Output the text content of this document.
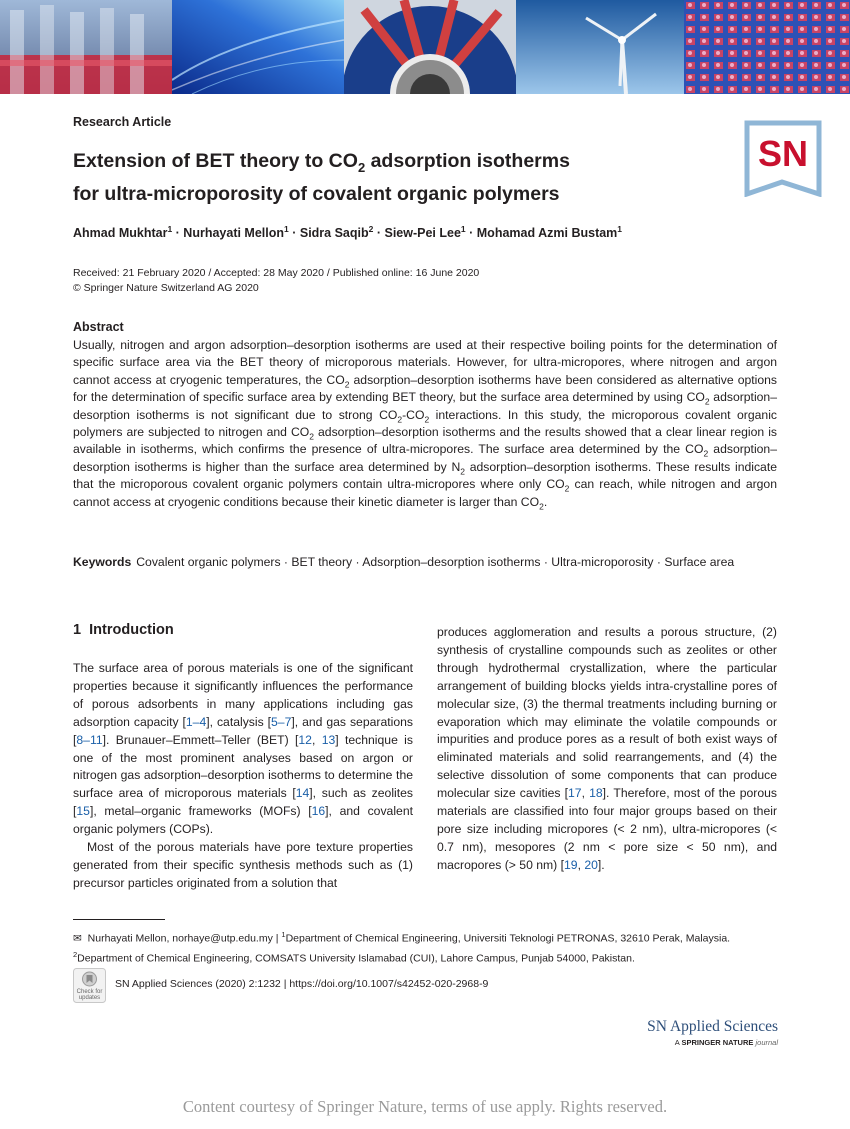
Research Article
SN
Extension of BET theory to $CO_2$ adsorption isotherms
for ultra-microporosity of covalent organic polymers
Ahmad Mukhtar$^1$ · Nurhayati Mellon$^1$ · Sidra Saqib$^2$ · Siew-Pei Lee$^1$ · Mohamad Azmi Bustam$^1$
Received: 21 February 2020 / Accepted: 28 May 2020 / Published online: 16 June 2020
© Springer Nature Switzerland AG 2020
Abstract
Usually, nitrogen and argon adsorption–desorption isotherms are used at their respective boiling points for the determination of specific surface area via the BET theory of microporous materials. However, for ultra-micropores, where nitrogen and argon cannot access at cryogenic temperatures, the $CO_2$ adsorption–desorption isotherms have been considered as alternative options for the determination of specific surface area by extending BET theory, but the surface area determined by using $CO_2$ adsorption–desorption isotherms is not significant due to strong $CO_2-CO_2$ interactions. In this study, the microporous covalent organic polymers are subjected to nitrogen and $CO_2$ adsorption–desorption isotherms and the results showed that a clear linear region is available in isotherms, which confirms the presence of ultra-micropores. The surface area determined by the $CO_2$ adsorption–desorption isotherms is higher than the surface area determined by $N_2$ adsorption–desorption isotherms. These results indicate that the microporous covalent organic polymers contain ultra-micropores where only $CO_2$ can reach, while nitrogen and argon cannot access at cryogenic conditions because their kinetic diameter is larger than $CO_2$.
Keywords Covalent organic polymers · BET theory · Adsorption–desorption isotherms · Ultra-microporosity · Surface area
1 Introduction

The surface area of porous materials is one of the significant properties because it significantly influences the performance of porous adsorbents in many applications including gas adsorption capacity [1–4], catalysis [5–7], and gas separations [8–11]. Brunauer–Emmett–Teller (BET) [12, 13] technique is one of the most prominent analyses based on argon or nitrogen gas adsorption–desorption isotherms to determine the surface area of microporous materials [14], such as zeolites [15], metal–organic frameworks (MOFs) [16], and covalent organic polymers (COPs).

Most of the porous materials have pore texture properties generated from their specific synthesis methods such as (1) precursor particles originated from a solution that

produces agglomeration and results a porous structure, (2) synthesis of crystalline compounds such as zeolites or other through hydrothermal crystallization, where the particular arrangement of building blocks yields intra-crystalline pores of molecular size, (3) the thermal treatments including burning or evaporation which may eliminate the volatile compounds or impurities and produce pores as a result of both exist ways of eliminated materials and solid rearrangements, and (4) the selective dissolution of some components that can produce molecular size cavities [17, 18]. Therefore, most of the porous materials are classified into four major groups based on their pore size including micropores (< 2 nm), ultra-micropores (< 0.7 nm), mesopores (2 nm < pore size < 50 nm), and macropores (> 50 nm) [19, 20].

✉ Nurhayati Mellon, norhaye@utp.edu.my | $^1$Department of Chemical Engineering, Universiti Teknologi PETRONAS, 32610 Perak, Malaysia. $^2$Department of Chemical Engineering, COMSATS University Islamabad (CUI), Lahore Campus, Punjab 54000, Pakistan.
Check for
updates
SN Applied Sciences (2020) 2:1232 | https://doi.org/10.1007/s42452-020-2968-9
SN Applied Sciences
A SPRINGER NATURE journal
Content courtesy of Springer Nature, terms of use apply. Rights reserved.
